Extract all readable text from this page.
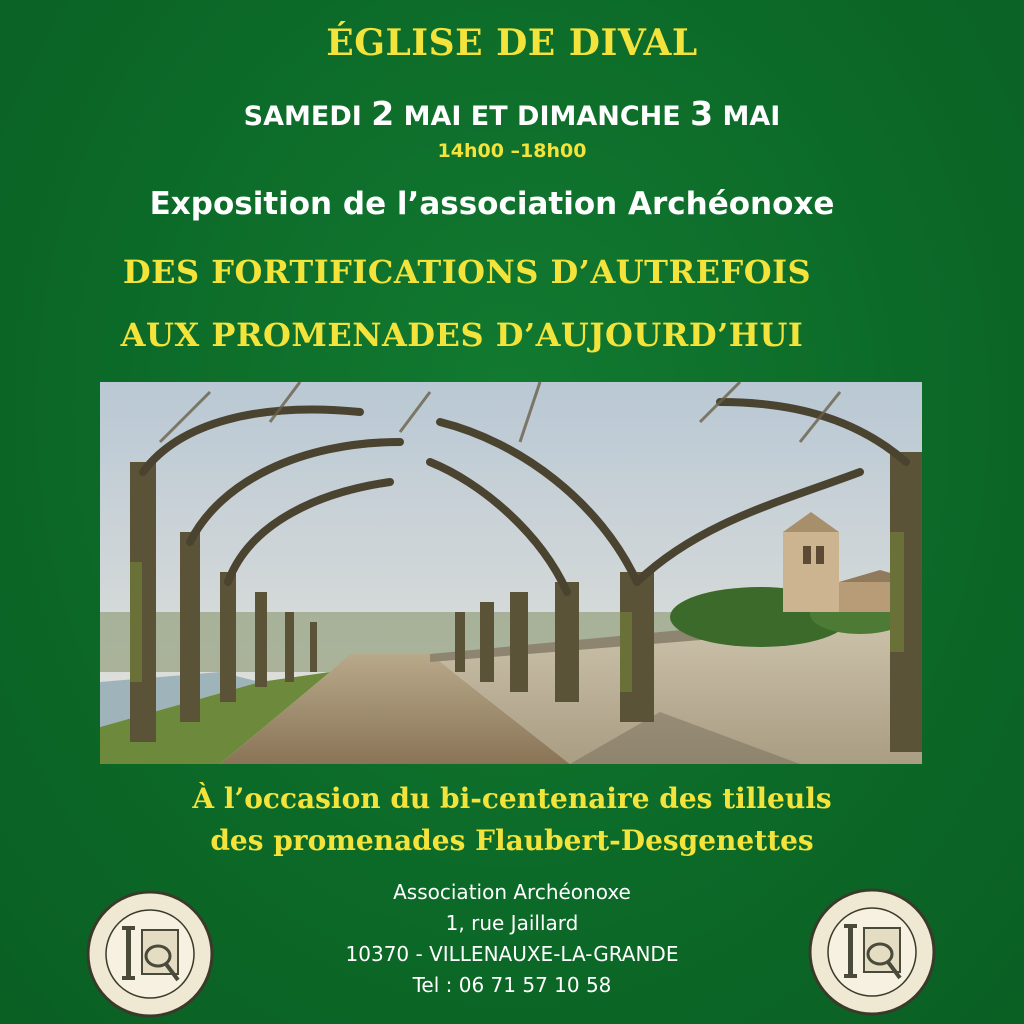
ÉGLISE DE DIVAL
SAMEDI 2 MAI ET DIMANCHE 3 MAI
14h00 –18h00
Exposition de l’association Archéonoxe
DES FORTIFICATIONS D’AUTREFOIS
AUX PROMENADES D’AUJOURD’HUI
À l’occasion du bi-centenaire des tilleuls
des promenades Flaubert-Desgenettes
Association Archéonoxe
1, rue Jaillard
10370 - VILLENAUXE-LA-GRANDE
Tel : 06 71 57 10 58
